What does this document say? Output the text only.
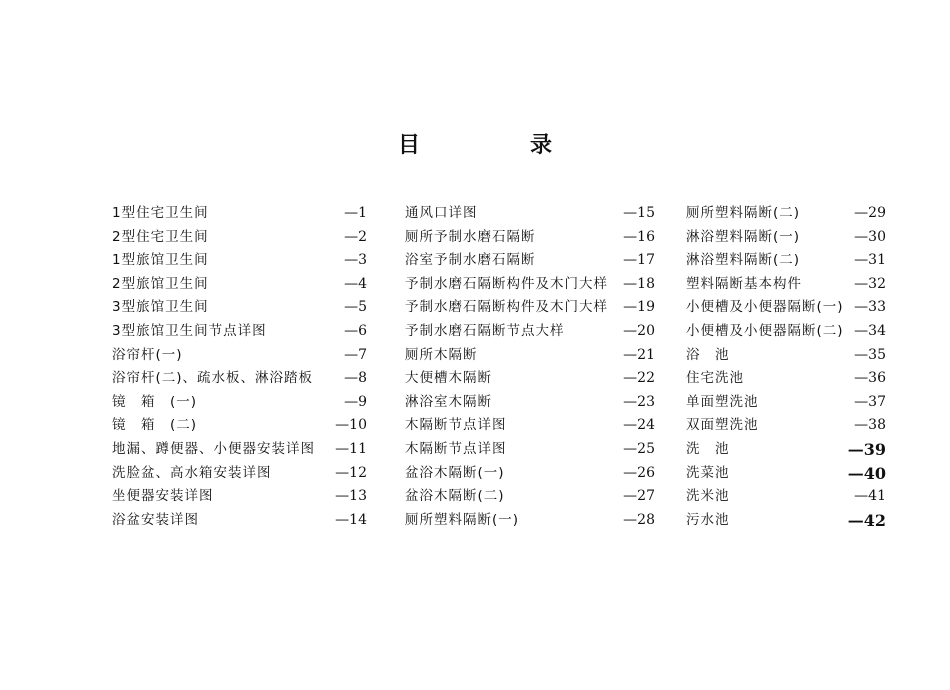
目	录
1型住宅卫生间	—1
2型住宅卫生间	—2
1型旅馆卫生间	—3
2型旅馆卫生间	—4
3型旅馆卫生间	—5
3型旅馆卫生间节点详图	—6
浴帘杆(一)	—7
浴帘杆(二)、疏水板、淋浴踏板 —8
镜　箱　(一)	—9
镜　箱　(二)	—10
地漏、蹲便器、小便器安装详图 —11
洗脸盆、高水箱安装详图	—12
坐便器安装详图	—13
浴盆安装详图	—14
通风口详图	—15
厕所予制水磨石隔断	—16
浴室予制水磨石隔断	—17
予制水磨石隔断构件及木门大样 —18
予制水磨石隔断构件及木门大样 —19
予制水磨石隔断节点大样	—20
厕所木隔断	—21
大便槽木隔断	—22
淋浴室木隔断	—23
木隔断节点详图	—24
木隔断节点详图	—25
盆浴木隔断(一)	—26
盆浴木隔断(二)	—27
厕所塑料隔断(一)	—28
厕所塑料隔断(二)	—29
淋浴塑料隔断(一)	—30
淋浴塑料隔断(二)	—31
塑料隔断基本构件	—32
小便槽及小便器隔断(一) —33
小便槽及小便器隔断(二) —34
浴　池	—35
住宅洗池	—36
单面塑洗池	—37
双面塑洗池	—38
洗　池	—39
洗菜池	—40
洗米池	—41
污水池	—42
